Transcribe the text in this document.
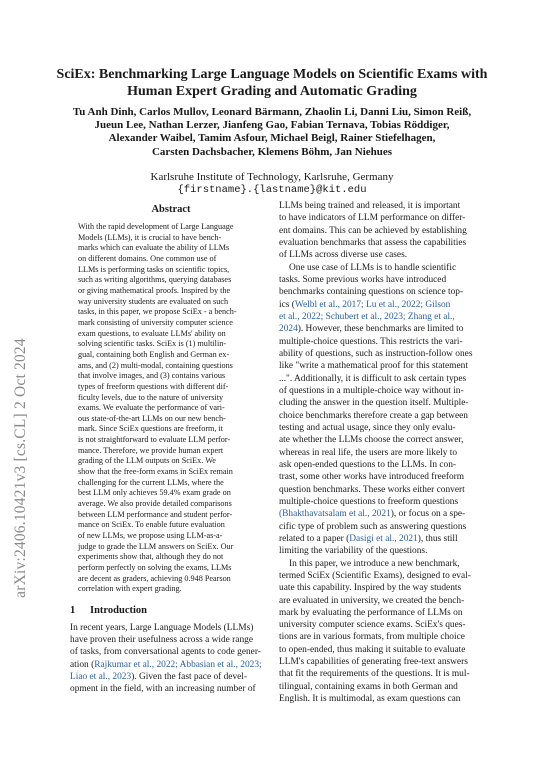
arXiv:2406.10421v3 [cs.CL] 2 Oct 2024
SciEx: Benchmarking Large Language Models on Scientific Exams with
Human Expert Grading and Automatic Grading
Tu Anh Dinh, Carlos Mullov, Leonard Bärmann, Zhaolin Li, Danni Liu, Simon Reiß,
Jueun Lee, Nathan Lerzer, Jianfeng Gao, Fabian Ternava, Tobias Röddiger,
Alexander Waibel, Tamim Asfour, Michael Beigl, Rainer Stiefelhagen,
Carsten Dachsbacher, Klemens Böhm, Jan Niehues
Karlsruhe Institute of Technology, Karlsruhe, Germany
{firstname}.{lastname}@kit.edu
Abstract
With the rapid development of Large Language
Models (LLMs), it is crucial to have bench-
marks which can evaluate the ability of LLMs
on different domains. One common use of
LLMs is performing tasks on scientific topics,
such as writing algorithms, querying databases
or giving mathematical proofs. Inspired by the
way university students are evaluated on such
tasks, in this paper, we propose SciEx - a bench-
mark consisting of university computer science
exam questions, to evaluate LLMs' ability on
solving scientific tasks. SciEx is (1) multilin-
gual, containing both English and German ex-
ams, and (2) multi-modal, containing questions
that involve images, and (3) contains various
types of freeform questions with different dif-
ficulty levels, due to the nature of university
exams. We evaluate the performance of vari-
ous state-of-the-art LLMs on our new bench-
mark. Since SciEx questions are freeform, it
is not straightforward to evaluate LLM perfor-
mance. Therefore, we provide human expert
grading of the LLM outputs on SciEx. We
show that the free-form exams in SciEx remain
challenging for the current LLMs, where the
best LLM only achieves 59.4% exam grade on
average. We also provide detailed comparisons
between LLM performance and student perfor-
mance on SciEx. To enable future evaluation
of new LLMs, we propose using LLM-as-a-
judge to grade the LLM answers on SciEx. Our
experiments show that, although they do not
perform perfectly on solving the exams, LLMs
are decent as graders, achieving 0.948 Pearson
correlation with expert grading.
1 Introduction
In recent years, Large Language Models (LLMs)
have proven their usefulness across a wide range
of tasks, from conversational agents to code gener-
ation (Rajkumar et al., 2022; Abbasian et al., 2023;
Liao et al., 2023). Given the fast pace of devel-
opment in the field, with an increasing number of
LLMs being trained and released, it is important
to have indicators of LLM performance on differ-
ent domains. This can be achieved by establishing
evaluation benchmarks that assess the capabilities
of LLMs across diverse use cases.
One use case of LLMs is to handle scientific
tasks. Some previous works have introduced
benchmarks containing questions on science top-
ics (Welbl et al., 2017; Lu et al., 2022; Gilson
et al., 2022; Schubert et al., 2023; Zhang et al.,
2024). However, these benchmarks are limited to
multiple-choice questions. This restricts the vari-
ability of questions, such as instruction-follow ones
like "write a mathematical proof for this statement
...". Additionally, it is difficult to ask certain types
of questions in a multiple-choice way without in-
cluding the answer in the question itself. Multiple-
choice benchmarks therefore create a gap between
testing and actual usage, since they only evalu-
ate whether the LLMs choose the correct answer,
whereas in real life, the users are more likely to
ask open-ended questions to the LLMs. In con-
trast, some other works have introduced freeform
question benchmarks. These works either convert
multiple-choice questions to freeform questions
(Bhakthavatsalam et al., 2021), or focus on a spe-
cific type of problem such as answering questions
related to a paper (Dasigi et al., 2021), thus still
limiting the variability of the questions.
In this paper, we introduce a new benchmark,
termed SciEx (Scientific Exams), designed to eval-
uate this capability. Inspired by the way students
are evaluated in university, we created the bench-
mark by evaluating the performance of LLMs on
university computer science exams. SciEx's ques-
tions are in various formats, from multiple choice
to open-ended, thus making it suitable to evaluate
LLM's capabilities of generating free-text answers
that fit the requirements of the questions. It is mul-
tilingual, containing exams in both German and
English. It is multimodal, as exam questions can
